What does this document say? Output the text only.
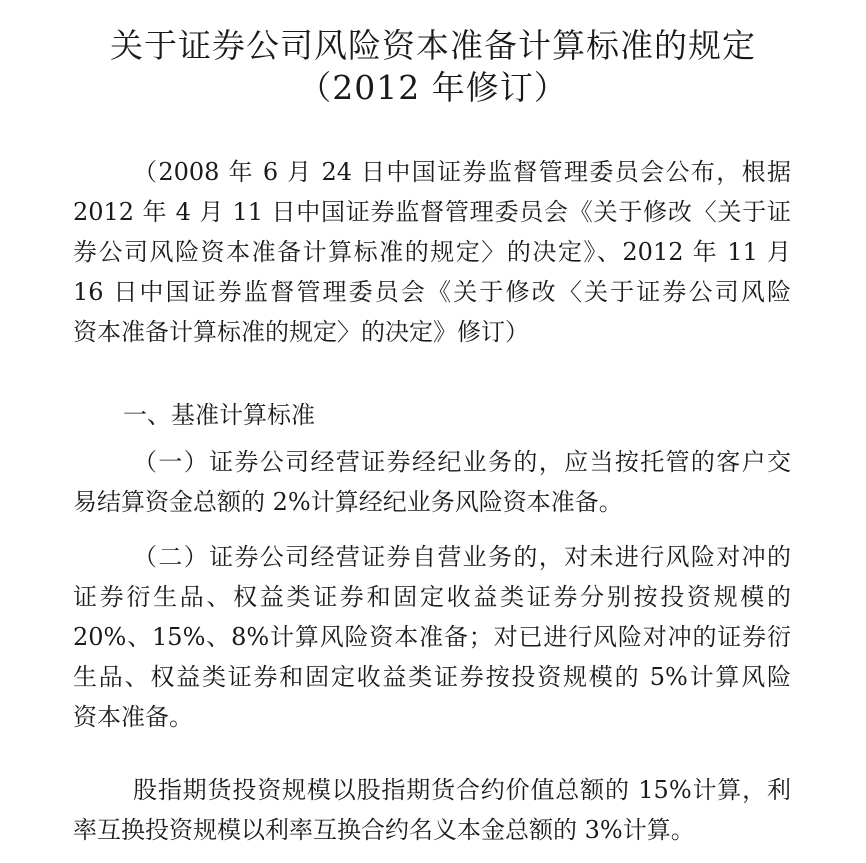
关于证券公司风险资本准备计算标准的规定
（2012 年修订）
（2008 年 6 月 24 日中国证券监督管理委员会公布，根据
2012 年 4 月 11 日中国证券监督管理委员会《关于修改〈关于证
券公司风险资本准备计算标准的规定〉的决定》、2012 年 11 月
16 日中国证券监督管理委员会《关于修改〈关于证券公司风险
资本准备计算标准的规定〉的决定》修订）
一、基准计算标准
（一）证券公司经营证券经纪业务的，应当按托管的客户交
易结算资金总额的 2%计算经纪业务风险资本准备。
（二）证券公司经营证券自营业务的，对未进行风险对冲的
证券衍生品、权益类证券和固定收益类证券分别按投资规模的
20%、15%、8%计算风险资本准备；对已进行风险对冲的证券衍
生品、权益类证券和固定收益类证券按投资规模的 5%计算风险
资本准备。
股指期货投资规模以股指期货合约价值总额的 15%计算，利
率互换投资规模以利率互换合约名义本金总额的 3%计算。
